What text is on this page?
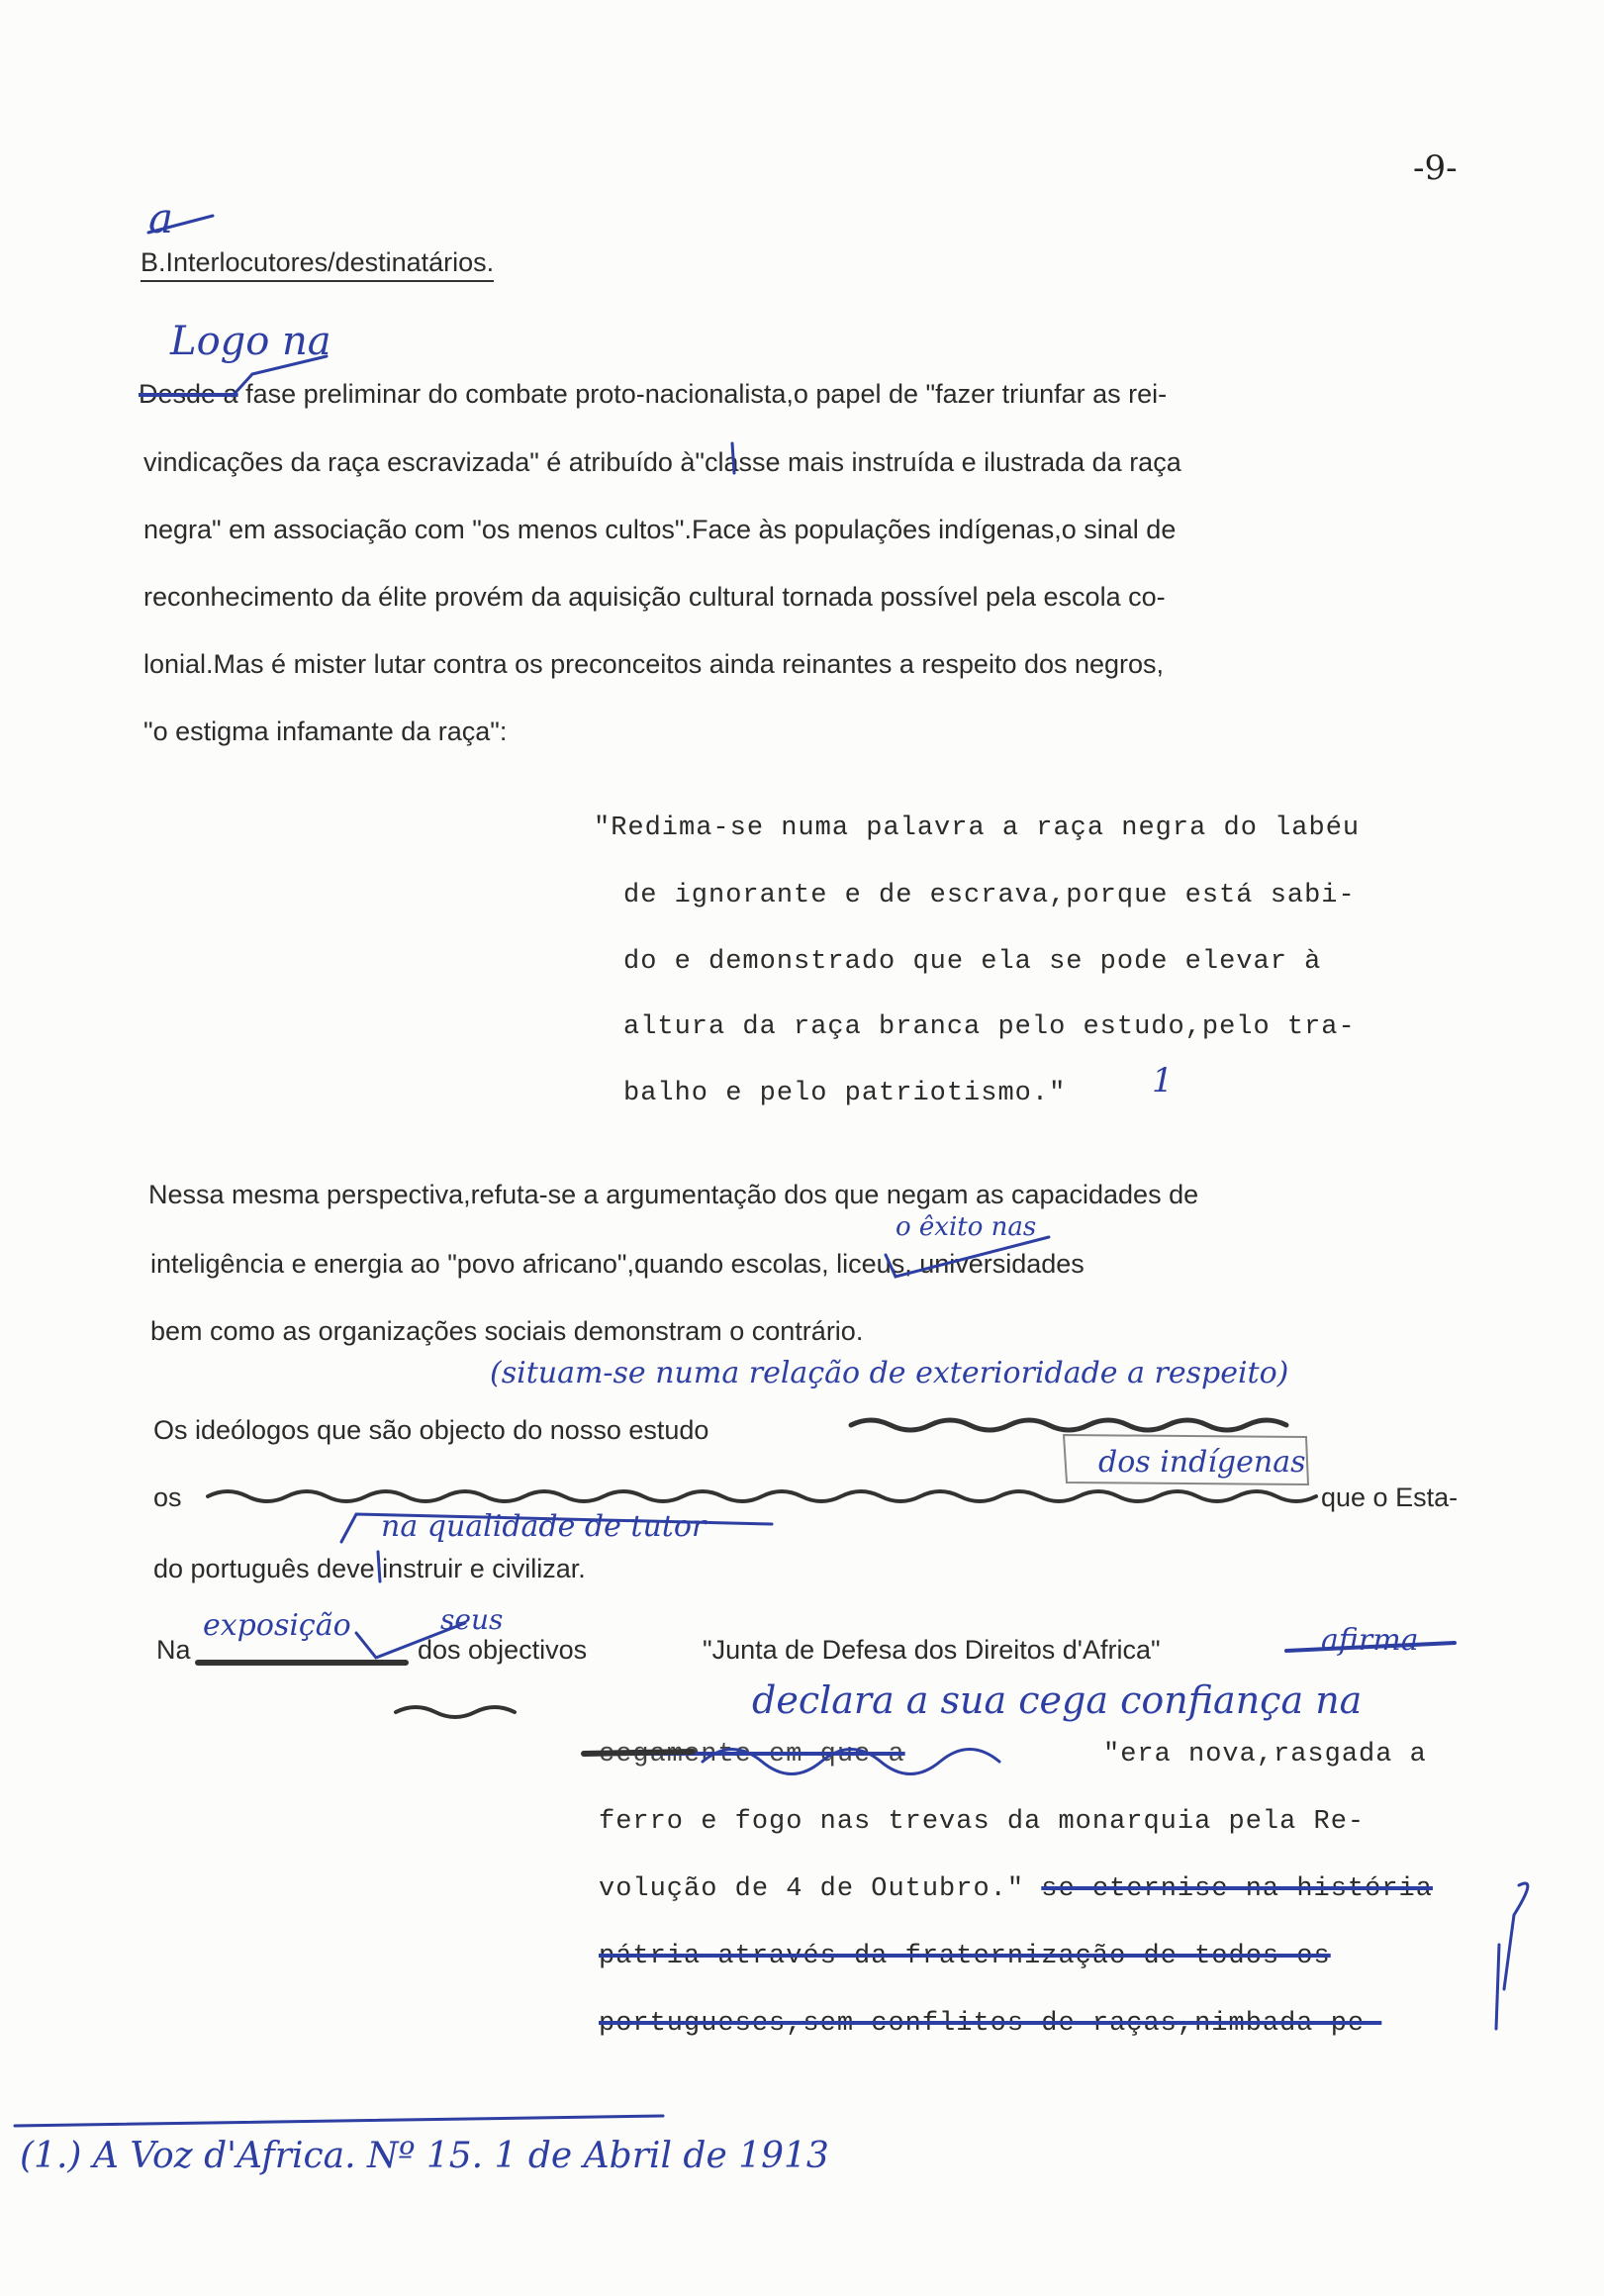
-9-
a
B.Interlocutores/destinatários.
Logo na
Desde a fase preliminar do combate proto-nacionalista,o papel de "fazer triunfar as rei-
vindicações da raça escravizada" é atribuído à"classe mais instruída e ilustrada da raça
negra" em associação com "os menos cultos".Face às populações indígenas,o sinal de
reconhecimento da élite provém da aquisição cultural tornada possível pela escola co-
lonial.Mas é mister lutar contra os preconceitos ainda reinantes a respeito dos negros,
"o estigma infamante da raça":
"Redima-se numa palavra a raça negra do labéu
de ignorante e de escrava,porque está sabi-
do e demonstrado que ela se pode elevar à
altura da raça branca pelo estudo,pelo tra-
balho e pelo patriotismo."	1
Nessa mesma perspectiva,refuta-se a argumentação dos que negam as capacidades de
o êxito nas
inteligência e energia ao "povo africano",quando escolas, liceus, universidades
bem como as organizações sociais demonstram o contrário.
(situam-se numa relação de exterioridade a respeito)
Os ideólogos que são objecto do nosso estudo
dos indígenas
os	que o Esta-
na qualidade de tutor
do português deve instruir e civilizar.
exposição	seus
Na	dos objectivos	"Junta de Defesa dos Direitos d'Africa"	afirma
declara a sua cega confiança na
cegamente em que a	"era nova,rasgada a
ferro e fogo nas trevas da monarquia pela Re-
volução de 4 de Outubro." se eternise na história
pátria através da fraternização de todos os
portugueses,sem conflitos de raças,nimbada pe-
(1.) A Voz d'Africa. Nº 15. 1 de Abril de 1913
